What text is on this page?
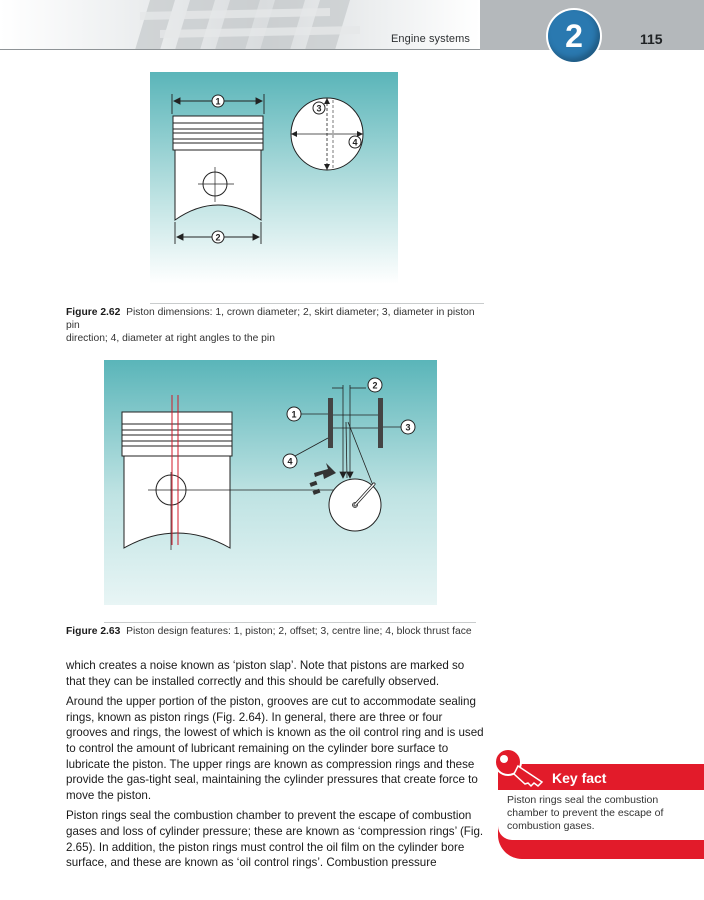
Engine systems	2	115
1
2
3
4
Figure 2.62 Piston dimensions: 1, crown diameter; 2, skirt diameter; 3, diameter in piston pin
direction; 4, diameter at right angles to the pin
1
2
3
4
Figure 2.63 Piston design features: 1, piston; 2, offset; 3, centre line; 4, block thrust face

which creates a noise known as ‘piston slap’. Note that pistons are marked so that they can be installed correctly and this should be carefully observed.

Around the upper portion of the piston, grooves are cut to accommodate sealing rings, known as piston rings (Fig. 2.64). In general, there are three or four grooves and rings, the lowest of which is known as the oil control ring and is used to control the amount of lubricant remaining on the cylinder bore surface to lubricate the piston. The upper rings are known as compression rings and these provide the gas-tight seal, maintaining the cylinder pressures that create force to move the piston.

Piston rings seal the combustion chamber to prevent the escape of combustion gases and loss of cylinder pressure; these are known as ‘compression rings’ (Fig. 2.65). In addition, the piston rings must control the oil film on the cylinder bore surface, and these are known as ‘oil control rings’. Combustion pressure

Key fact
Piston rings seal the combustion chamber to prevent the escape of combustion gases.
